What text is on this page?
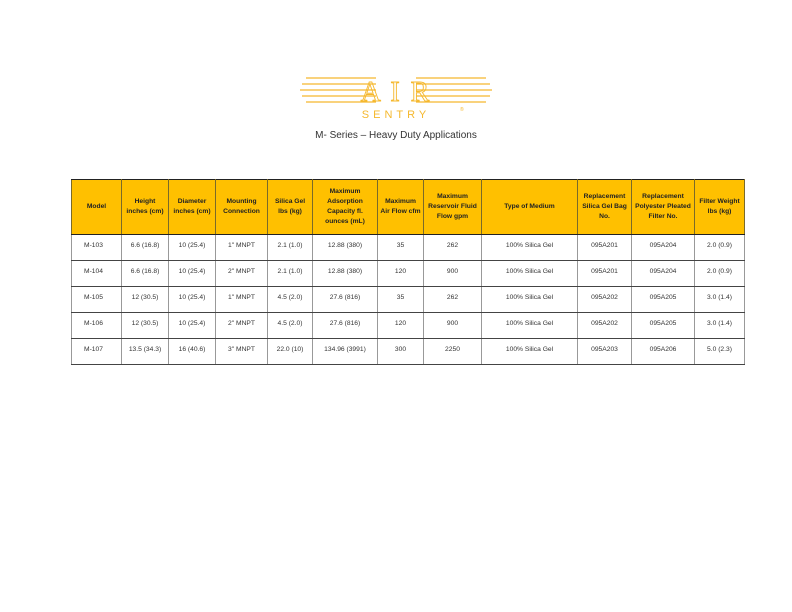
A I R
SENTRY	®
M- Series – Heavy Duty Applications
Model	Height inches (cm)	Diameter inches (cm)	Mounting Connection	Silica Gel lbs (kg)	Maximum Adsorption Capacity fl. ounces (mL)	Maximum Air Flow cfm	Maximum Reservoir Fluid Flow gpm	Type of Medium	Replacement Silica Gel Bag No.	Replacement Polyester Pleated Filter No.	Filter Weight lbs (kg)
M-103	6.6 (16.8)	10 (25.4)	1" MNPT	2.1 (1.0)	12.88 (380)	35	262	100% Silica Gel	095A201	095A204	2.0 (0.9)
M-104	6.6 (16.8)	10 (25.4)	2" MNPT	2.1 (1.0)	12.88 (380)	120	900	100% Silica Gel	095A201	095A204	2.0 (0.9)
M-105	12 (30.5)	10 (25.4)	1" MNPT	4.5 (2.0)	27.6 (816)	35	262	100% Silica Gel	095A202	095A205	3.0 (1.4)
M-106	12 (30.5)	10 (25.4)	2" MNPT	4.5 (2.0)	27.6 (816)	120	900	100% Silica Gel	095A202	095A205	3.0 (1.4)
M-107	13.5 (34.3)	16 (40.6)	3" MNPT	22.0 (10)	134.96 (3991)	300	2250	100% Silica Gel	095A203	095A206	5.0 (2.3)
